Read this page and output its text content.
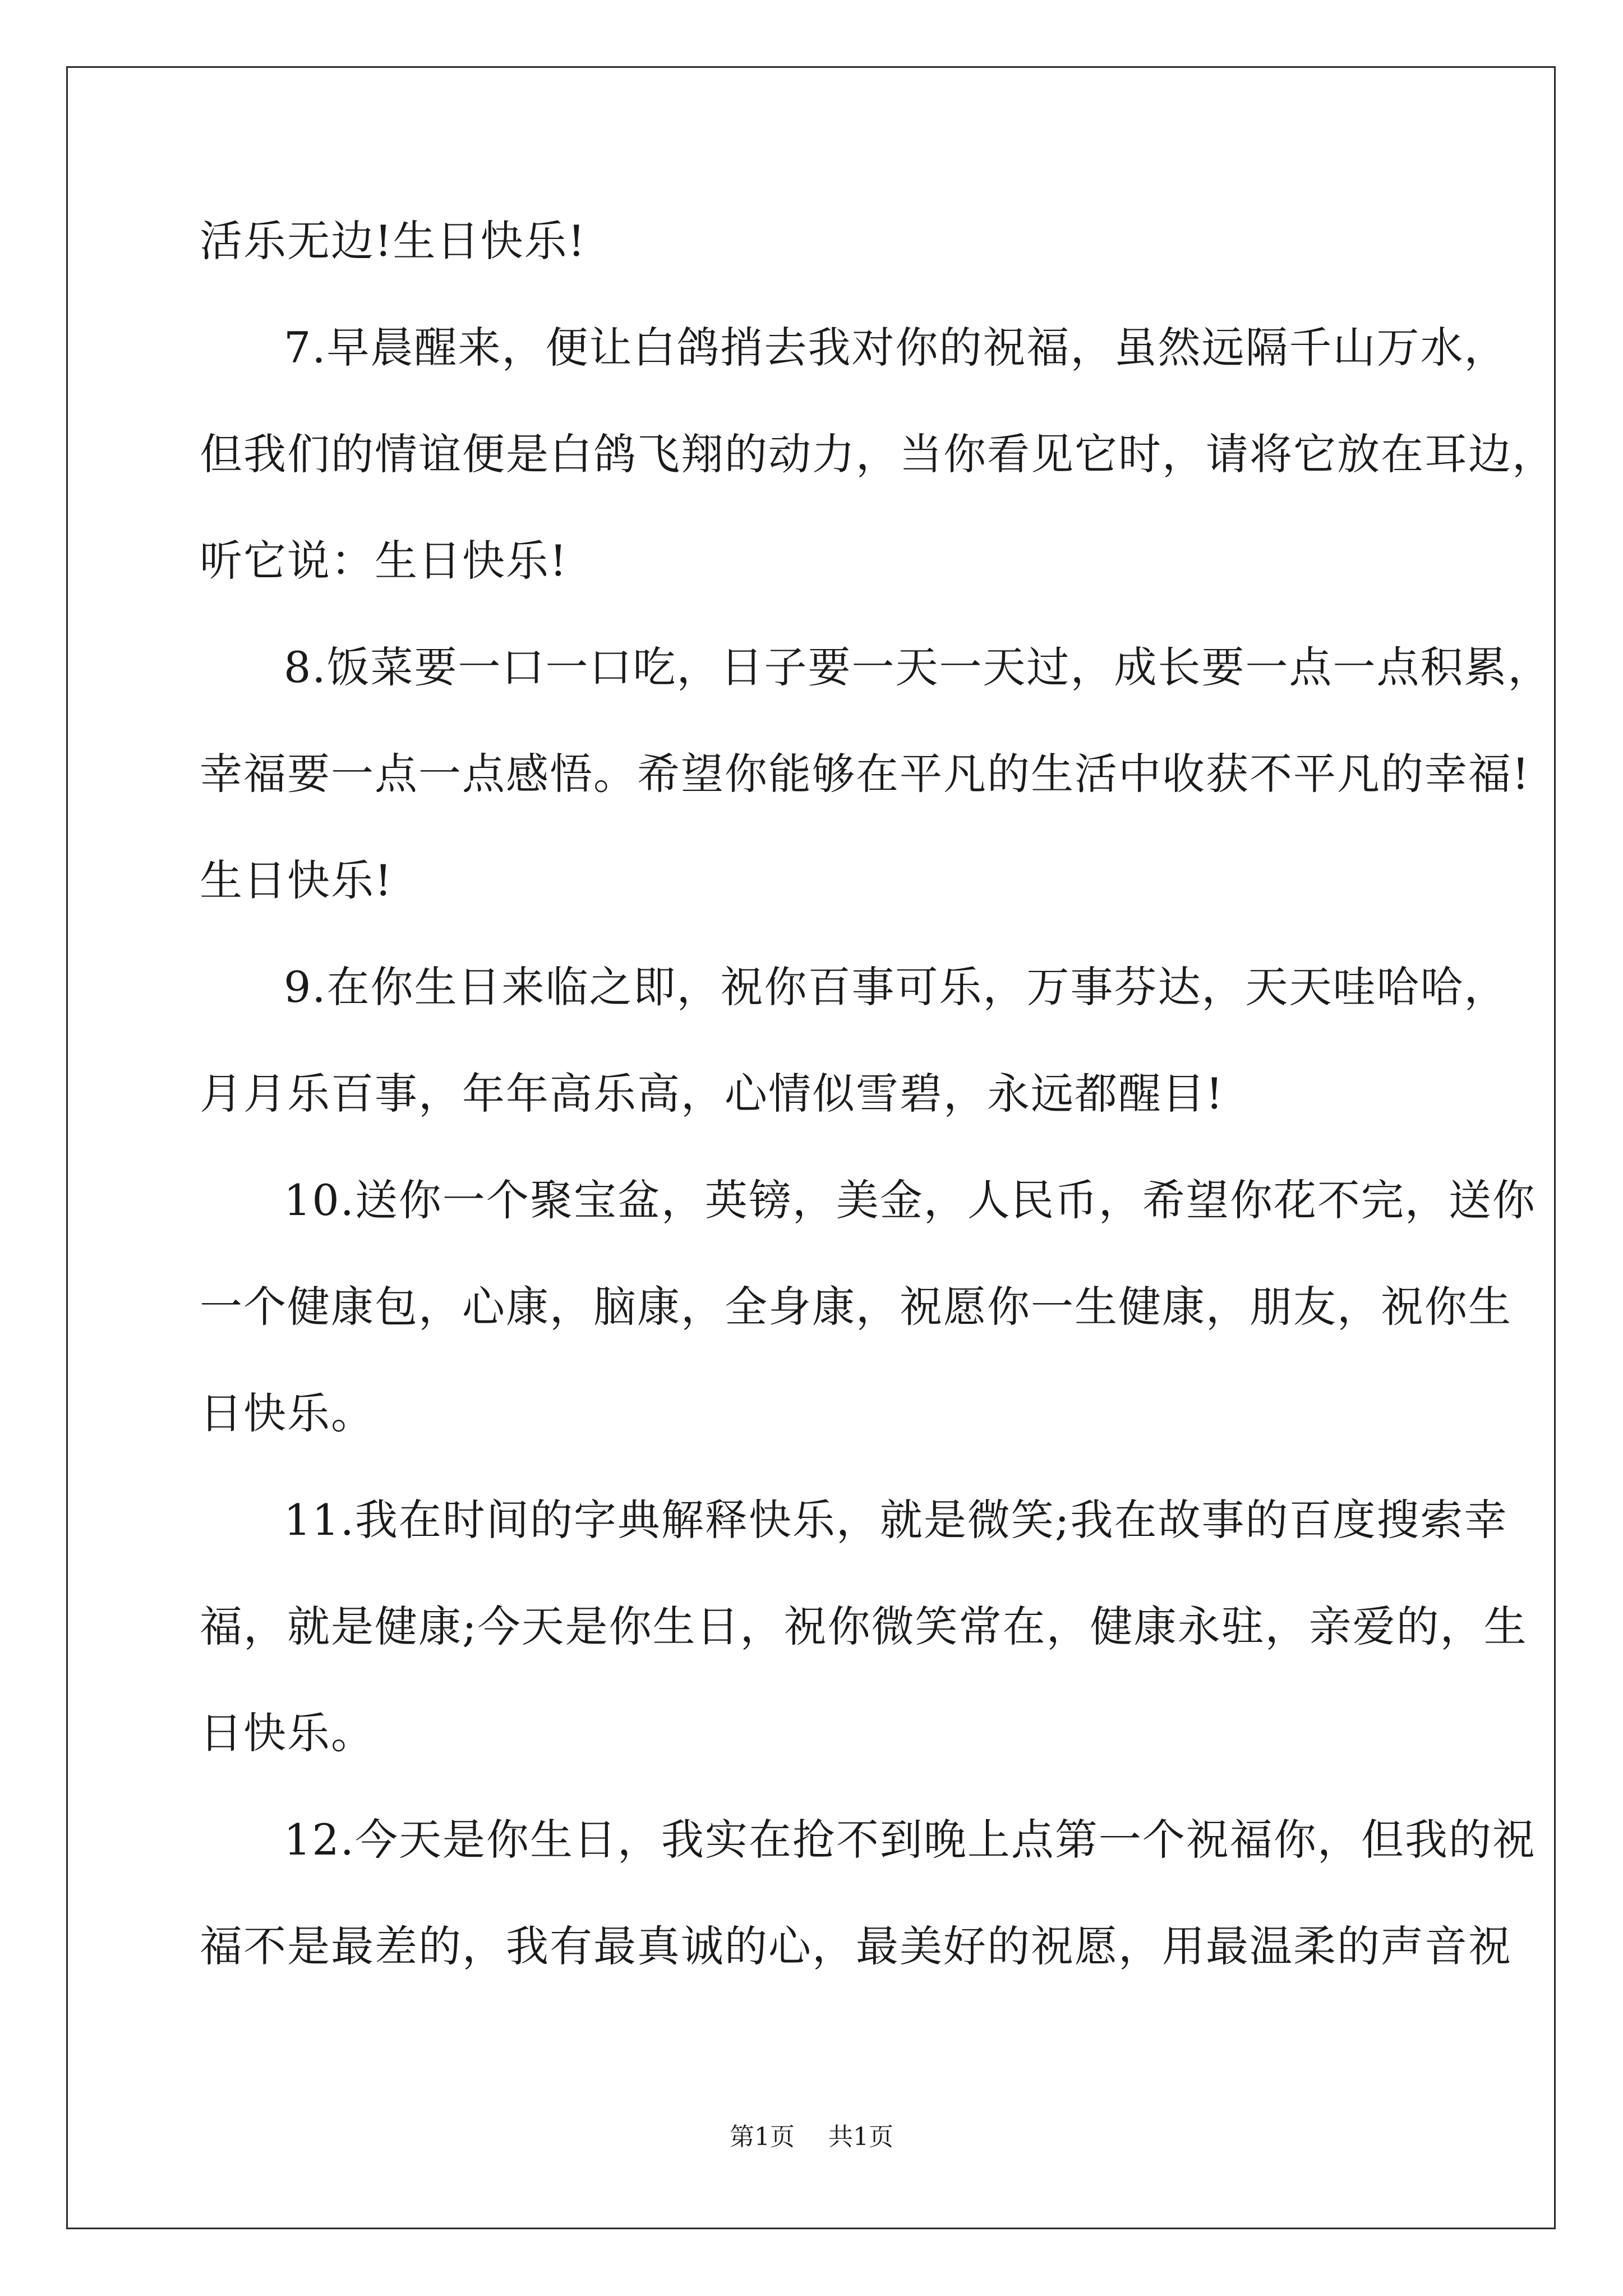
活乐无边!生日快乐!
7.早晨醒来，便让白鸽捎去我对你的祝福，虽然远隔千山万水，
但我们的情谊便是白鸽飞翔的动力，当你看见它时，请将它放在耳边，
听它说：生日快乐!
8.饭菜要一口一口吃，日子要一天一天过，成长要一点一点积累，
幸福要一点一点感悟。希望你能够在平凡的生活中收获不平凡的幸福!
生日快乐!
9.在你生日来临之即，祝你百事可乐，万事芬达，天天哇哈哈，
月月乐百事，年年高乐高，心情似雪碧，永远都醒目!
10.送你一个聚宝盆，英镑，美金，人民币，希望你花不完，送你
一个健康包，心康，脑康，全身康，祝愿你一生健康，朋友，祝你生
日快乐。
11.我在时间的字典解释快乐，就是微笑;我在故事的百度搜索幸
福，就是健康;今天是你生日，祝你微笑常在，健康永驻，亲爱的，生
日快乐。
12.今天是你生日，我实在抢不到晚上点第一个祝福你，但我的祝
福不是最差的，我有最真诚的心，最美好的祝愿，用最温柔的声音祝
第1页 共1页
